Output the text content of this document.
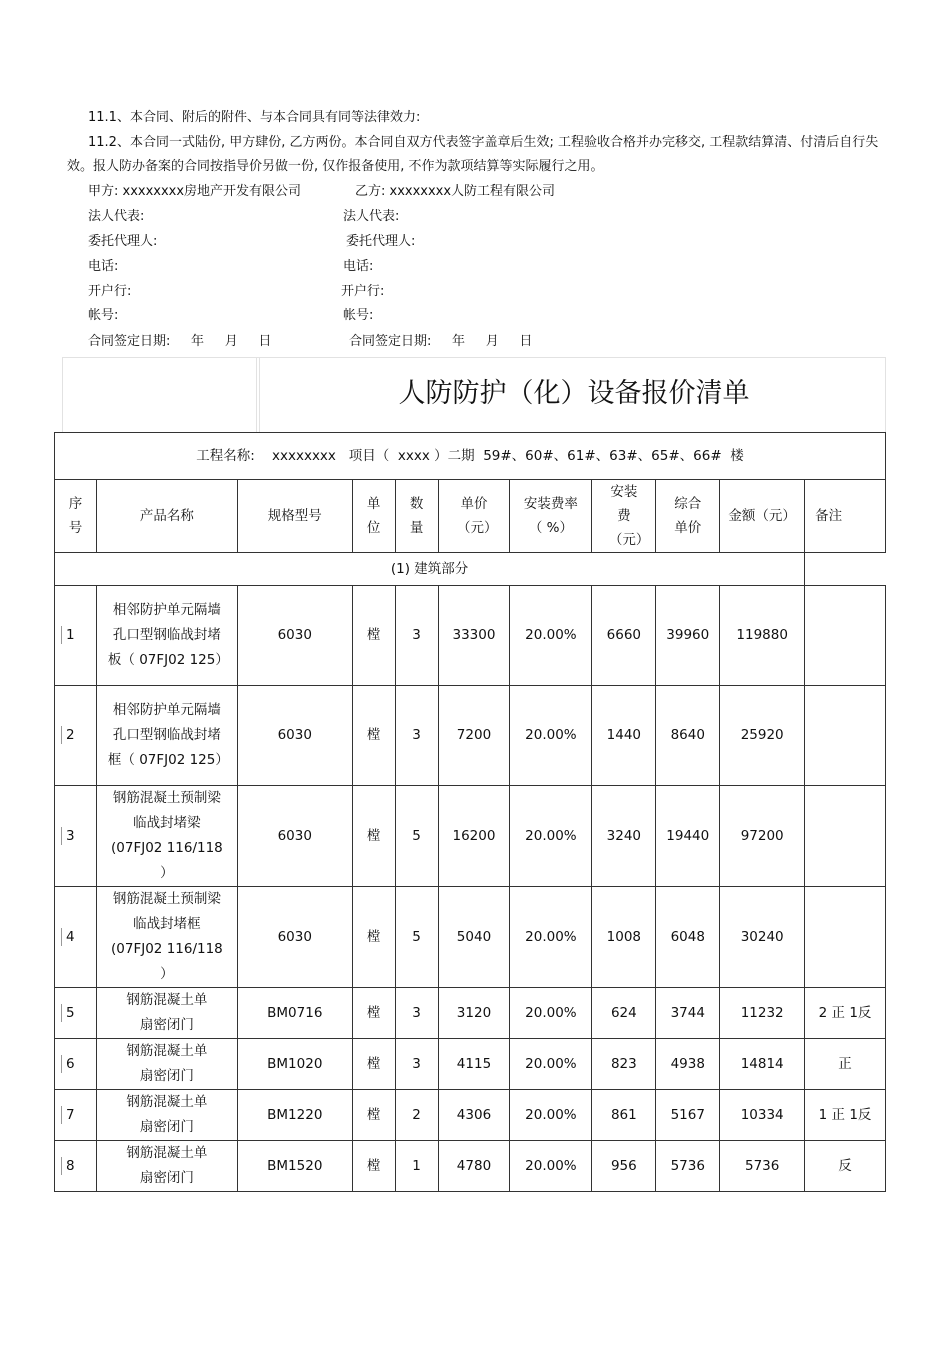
11.1、本合同、附后的附件、与本合同具有同等法律效力:
11.2、本合同一式陆份, 甲方肆份, 乙方两份。本合同自双方代表签字盖章后生效; 工程验收合格并办完移交, 工程款结算清、付清后自行失效。报人防办备案的合同按指导价另做一份, 仅作报备使用, 不作为款项结算等实际履行之用。
甲方: xxxxxxxx房地产开发有限公司
法人代表:
委托代理人:
电话:
开户行:
帐号:
合同签定日期:     年     月     日
乙方: xxxxxxxx人防工程有限公司
法人代表:
委托代理人:
电话:
开户行:
帐号:
合同签定日期:     年     月     日
人防防护（化）设备报价清单
工程名称:    xxxxxxxx   项目（  xxxx ）二期  59#、60#、61#、63#、65#、66#  楼										

序号	产品名称	规格型号	单位	数量	单价（元）	安装费率（ %）	安装费（元）	综合单价	金额（元）	备注
(1) 建筑部分										
1	相邻防护单元隔墙孔口型钢临战封堵板（ 07FJ02 125）	6030	樘	3	33300	20.00%	6660	39960	119880	
2	相邻防护单元隔墙孔口型钢临战封堵框（ 07FJ02 125）	6030	樘	3	7200	20.00%	1440	8640	25920	
3	钢筋混凝土预制梁临战封堵梁 (07FJ02 116/118 ）	6030	樘	5	16200	20.00%	3240	19440	97200	
4	钢筋混凝土预制梁临战封堵框 (07FJ02 116/118 ）	6030	樘	5	5040	20.00%	1008	6048	30240	
5	钢筋混凝土单扇密闭门	BM0716	樘	3	3120	20.00%	624	3744	11232	2 正 1反
6	钢筋混凝土单扇密闭门	BM1020	樘	3	4115	20.00%	823	4938	14814	正
7	钢筋混凝土单扇密闭门	BM1220	樘	2	4306	20.00%	861	5167	10334	1 正 1反
8	钢筋混凝土单扇密闭门	BM1520	樘	1	4780	20.00%	956	5736	5736	反
